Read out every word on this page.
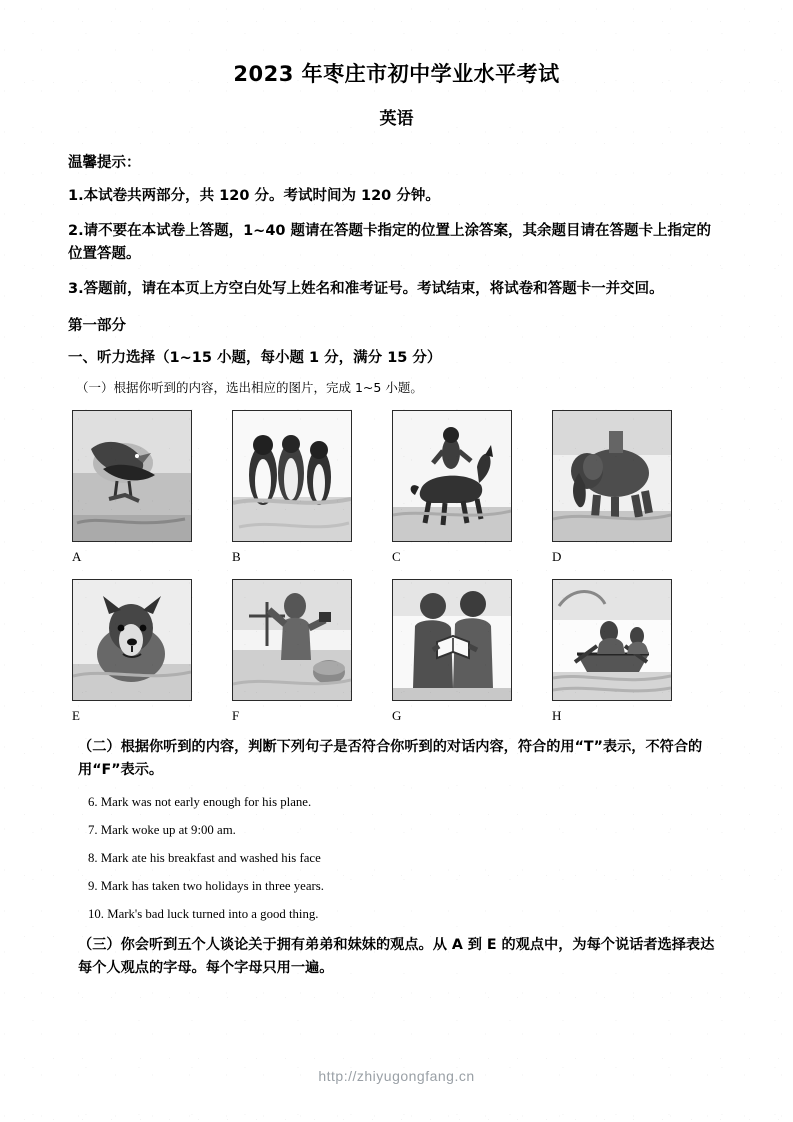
2023 年枣庄市初中学业水平考试
英语
温馨提示：
1.本试卷共两部分，共 120 分。考试时间为 120 分钟。
2.请不要在本试卷上答题，1~40 题请在答题卡指定的位置上涂答案，其余题目请在答题卡上指定的位置答题。
3.答题前，请在本页上方空白处写上姓名和准考证号。考试结束，将试卷和答题卡一并交回。
第一部分
一、听力选择（1~15 小题，每小题 1 分，满分 15 分）
（一）根据你听到的内容，选出相应的图片，完成 1~5 小题。
A	B	C	D
E	F	G	H
（二）根据你听到的内容，判断下列句子是否符合你听到的对话内容，符合的用“T”表示，不符合的用“F”表示。
6. Mark was not early enough for his plane.
7. Mark woke up at 9:00 am.
8. Mark ate his breakfast and washed his face
9. Mark has taken two holidays in three years.
10. Mark's bad luck turned into a good thing.
（三）你会听到五个人谈论关于拥有弟弟和妹妹的观点。从 A 到 E 的观点中，为每个说话者选择表达每个人观点的字母。每个字母只用一遍。
http://zhiyugongfang.cn
